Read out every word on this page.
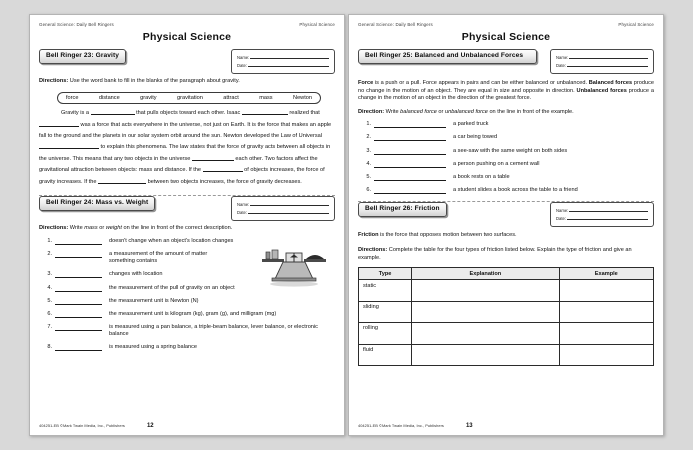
General Science: Daily Bell Ringers	Physical Science
Physical Science
Bell Ringer 23: Gravity	Name:
Date:
Directions: Use the word bank to fill in the blanks of the paragraph about gravity.
force	distance	gravity	gravitation	attract	mass	Newton
Gravity is a	that pulls objects toward each other. Isaac	realized that  was a force that acts everywhere in the universe, not just on Earth. It is the force that makes an apple fall to the ground and the planets in our solar system orbit around the sun. Newton developed the Law of Universal  to explain this phenomena. The law states that the force of gravity acts between all objects in the universe. This means that any two objects in the universe	each other. Two factors affect the gravitational attraction between objects: mass and distance. If the	of objects increases, the force of gravity increases. If the	between two objects increases, the force of gravity decreases.
Bell Ringer 24: Mass vs. Weight	Name:
Date:
Directions: Write mass or weight on the line in front of the correct description.
1.	doesn't change when an object's location changes
2.	a measurement of the amount of matter something contains
3.	changes with location
4.	the measurement of the pull of gravity on an object
5.	the measurement unit is Newton (N)
6.	the measurement unit is kilogram (kg), gram (g), and milligram (mg)
7.	is measured using a pan balance, a triple-beam balance, lever balance, or electronic balance
8.	is measured using a spring balance
404251-EB ©Mark Twain Media, Inc., Publishers	12
General Science: Daily Bell Ringers	Physical Science
Physical Science
Bell Ringer 25: Balanced and Unbalanced Forces	Name:
Date:
Force is a push or a pull. Force appears in pairs and can be either balanced or unbalanced. Balanced forces produce no change in the motion of an object. They are equal in size and opposite in direction. Unbalanced forces produce a change in the motion of an object in the direction of the greatest force.
Direction: Write balanced force or unbalanced force on the line in front of the example.
1.	a parked truck
2.	a car being towed
3.	a see-saw with the same weight on both sides
4.	a person pushing on a cement wall
5.	a book rests on a table
6.	a student slides a book across the table to a friend
Bell Ringer 26: Friction	Name:
Date:
Friction is the force that opposes motion between two surfaces.
Directions: Complete the table for the four types of friction listed below. Explain the type of friction and give an example.
Type	Explanation	Example
static		
sliding		
rolling		
fluid		
404251-EB ©Mark Twain Media, Inc., Publishers	13
